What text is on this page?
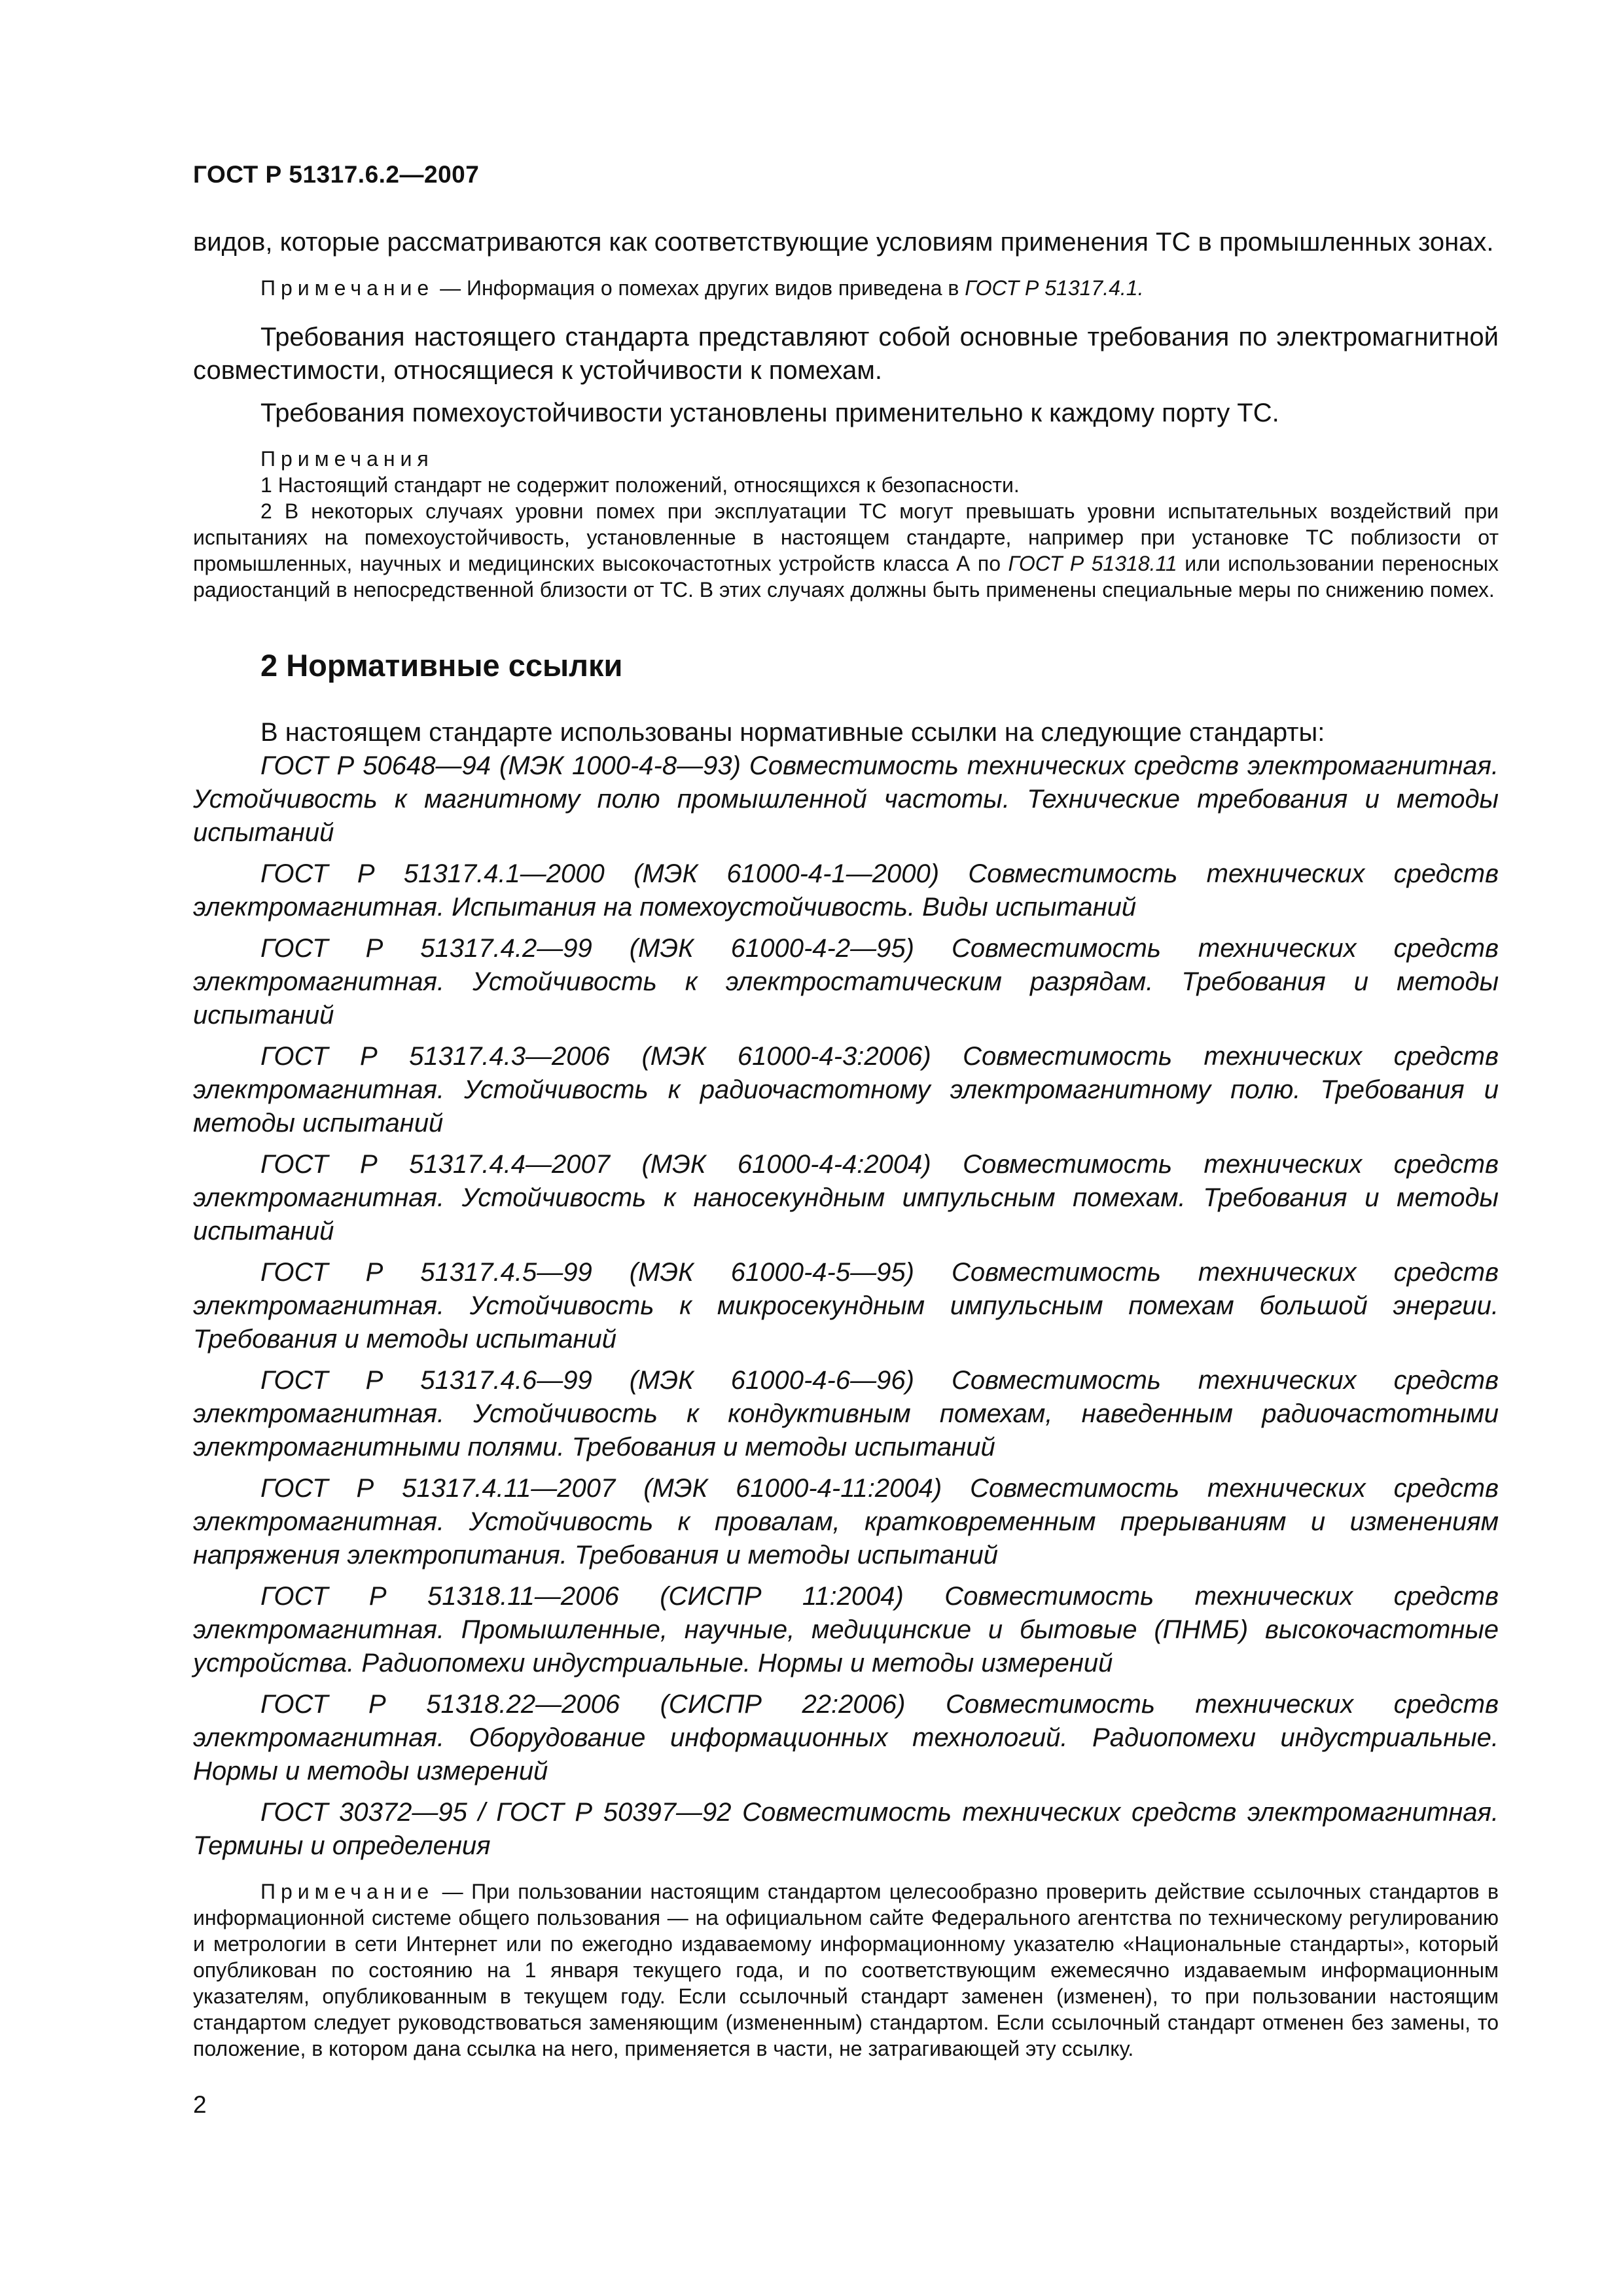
ГОСТ Р 51317.6.2—2007

видов, которые рассматриваются как соответствующие условиям применения ТС в промышленных зонах.

Примечание — Информация о помехах других видов приведена в ГОСТ Р 51317.4.1.

Требования настоящего стандарта представляют собой основные требования по электромагнитной совместимости, относящиеся к устойчивости к помехам.

Требования помехоустойчивости установлены применительно к каждому порту ТС.

Примечания

1 Настоящий стандарт не содержит положений, относящихся к безопасности.

2 В некоторых случаях уровни помех при эксплуатации ТС могут превышать уровни испытательных воздействий при испытаниях на помехоустойчивость, установленные в настоящем стандарте, например при установке ТС поблизости от промышленных, научных и медицинских высокочастотных устройств класса А по ГОСТ Р 51318.11 или использовании переносных радиостанций в непосредственной близости от ТС. В этих случаях должны быть применены специальные меры по снижению помех.

2 Нормативные ссылки

В настоящем стандарте использованы нормативные ссылки на следующие стандарты:

ГОСТ Р 50648—94 (МЭК 1000-4-8—93) Совместимость технических средств электромагнитная. Устойчивость к магнитному полю промышленной частоты. Технические требования и методы испытаний

ГОСТ Р 51317.4.1—2000 (МЭК 61000-4-1—2000) Совместимость технических средств электромагнитная. Испытания на помехоустойчивость. Виды испытаний

ГОСТ Р 51317.4.2—99 (МЭК 61000-4-2—95) Совместимость технических средств электромагнитная. Устойчивость к электростатическим разрядам. Требования и методы испытаний

ГОСТ Р 51317.4.3—2006 (МЭК 61000-4-3:2006) Совместимость технических средств электромагнитная. Устойчивость к радиочастотному электромагнитному полю. Требования и методы испытаний

ГОСТ Р 51317.4.4—2007 (МЭК 61000-4-4:2004) Совместимость технических средств электромагнитная. Устойчивость к наносекундным импульсным помехам. Требования и методы испытаний

ГОСТ Р 51317.4.5—99 (МЭК 61000-4-5—95) Совместимость технических средств электромагнитная. Устойчивость к микросекундным импульсным помехам большой энергии. Требования и методы испытаний

ГОСТ Р 51317.4.6—99 (МЭК 61000-4-6—96) Совместимость технических средств электромагнитная. Устойчивость к кондуктивным помехам, наведенным радиочастотными электромагнитными полями. Требования и методы испытаний

ГОСТ Р 51317.4.11—2007 (МЭК 61000-4-11:2004) Совместимость технических средств электромагнитная. Устойчивость к провалам, кратковременным прерываниям и изменениям напряжения электропитания. Требования и методы испытаний

ГОСТ Р 51318.11—2006 (СИСПР 11:2004) Совместимость технических средств электромагнитная. Промышленные, научные, медицинские и бытовые (ПНМБ) высокочастотные устройства. Радиопомехи индустриальные. Нормы и методы измерений

ГОСТ Р 51318.22—2006 (СИСПР 22:2006) Совместимость технических средств электромагнитная. Оборудование информационных технологий. Радиопомехи индустриальные. Нормы и методы измерений

ГОСТ 30372—95 / ГОСТ Р 50397—92 Совместимость технических средств электромагнитная. Термины и определения

Примечание — При пользовании настоящим стандартом целесообразно проверить действие ссылочных стандартов в информационной системе общего пользования — на официальном сайте Федерального агентства по техническому регулированию и метрологии в сети Интернет или по ежегодно издаваемому информационному указателю «Национальные стандарты», который опубликован по состоянию на 1 января текущего года, и по соответствующим ежемесячно издаваемым информационным указателям, опубликованным в текущем году. Если ссылочный стандарт заменен (изменен), то при пользовании настоящим стандартом следует руководствоваться заменяющим (измененным) стандартом. Если ссылочный стандарт отменен без замены, то положение, в котором дана ссылка на него, применяется в части, не затрагивающей эту ссылку.

2
